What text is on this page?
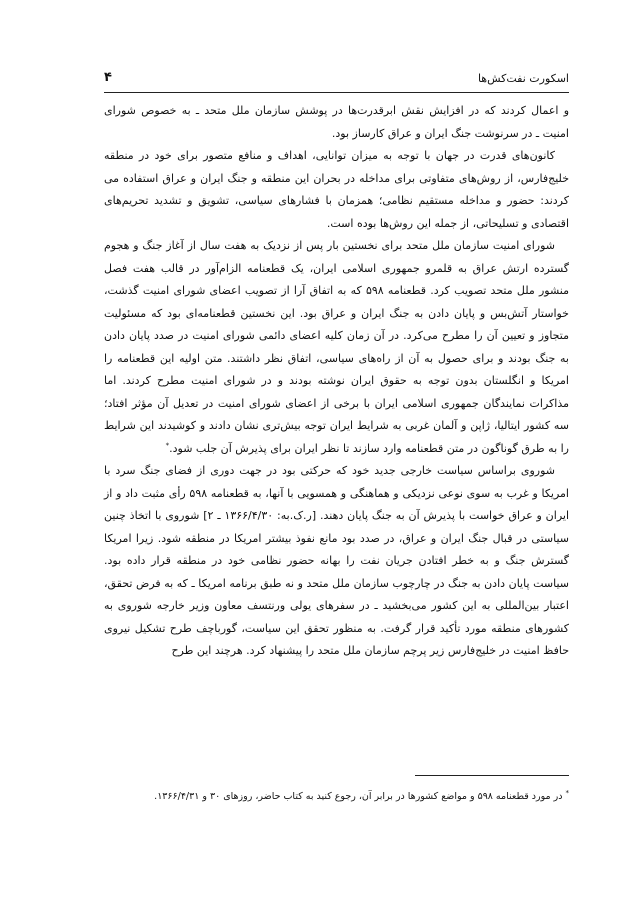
۴	اسکورت نفت‌کش‌ها

و اعمال کردند که در افزایش نقش ابرقدرت‌ها در پوشش سازمان ملل متحد ـ به خصوص شورای امنیت ـ در سرنوشت جنگ ایران و عراق کارساز بود.

کانون‌های قدرت در جهان با توجه به میزان توانایی، اهداف و منافع متصور برای خود در منطقه خلیج‌فارس، از روش‌های متفاوتی برای مداخله در بحران این منطقه و جنگ ایران و عراق استفاده می کردند: حضور و مداخله مستقیم نظامی؛ همزمان با فشارهای سیاسی، تشویق و تشدید تحریم‌های اقتصادی و تسلیحاتی، از جمله این روش‌ها بوده است.

شورای امنیت سازمان ملل متحد برای نخستین بار پس از نزدیک به هفت سال از آغاز جنگ و هجوم گسترده ارتش عراق به قلمرو جمهوری اسلامی ایران، یک قطعنامه الزام‌آور در قالب هفت فصل منشور ملل متحد تصویب کرد. قطعنامه ۵۹۸ که به اتفاق آرا از تصویب اعضای شورای امنیت گذشت، خواستار آتش‌بس و پایان دادن به جنگ ایران و عراق بود. این نخستین قطعنامه‌ای بود که مسئولیت متجاوز و تعیین آن را مطرح می‌کرد. در آن زمان کلیه اعضای دائمی شورای امنیت در صدد پایان دادن به جنگ بودند و برای حصول به آن از راه‌های سیاسی، اتفاق نظر داشتند. متن اولیه این قطعنامه را امریکا و انگلستان بدون توجه به حقوق ایران نوشته بودند و در شورای امنیت مطرح کردند. اما مذاکرات نمایندگان جمهوری اسلامی ایران با برخی از اعضای شورای امنیت در تعدیل آن مؤثر افتاد؛ سه کشور ایتالیا، ژاپن و آلمان غربی به شرایط ایران توجه بیش‌تری نشان دادند و کوشیدند این شرایط را به طرق گوناگون در متن قطعنامه وارد سازند تا نظر ایران برای پذیرش آن جلب شود.*

شوروی براساس سیاست خارجی جدید خود که حرکتی بود در جهت دوری از فضای جنگ سرد با امریکا و غرب به سوی نوعی نزدیکی و هماهنگی و همسویی با آنها، به قطعنامه ۵۹۸ رأی مثبت داد و از ایران و عراق خواست با پذیرش آن به جنگ پایان دهند. [ر.ک.به: ۱۳۶۶/۴/۳۰ ـ ۲] شوروی با اتخاذ چنین سیاستی در قبال جنگ ایران و عراق، در صدد بود مانع نفوذ بیشتر امریکا در منطقه شود. زیرا امریکا گسترش جنگ و به خطر افتادن جریان نفت را بهانه حضور نظامی خود در منطقه قرار داده بود. سیاست پایان دادن به جنگ در چارچوب سازمان ملل متحد و نه طبق برنامه امریکا ـ که به فرض تحقق، اعتبار بین‌المللی به این کشور می‌بخشید ـ در سفرهای یولی ورنتسف معاون وزیر خارجه شوروی به کشورهای منطقه مورد تأکید قرار گرفت. به منظور تحقق این سیاست، گورباچف طرح تشکیل نیروی حافظ امنیت در خلیج‌فارس زیر پرچم سازمان ملل متحد را پیشنهاد کرد. هرچند این طرح

* در مورد قطعنامه ۵۹۸ و مواضع کشورها در برابر آن، رجوع کنید به کتاب حاضر، روزهای ۳۰ و ۱۳۶۶/۴/۳۱.
